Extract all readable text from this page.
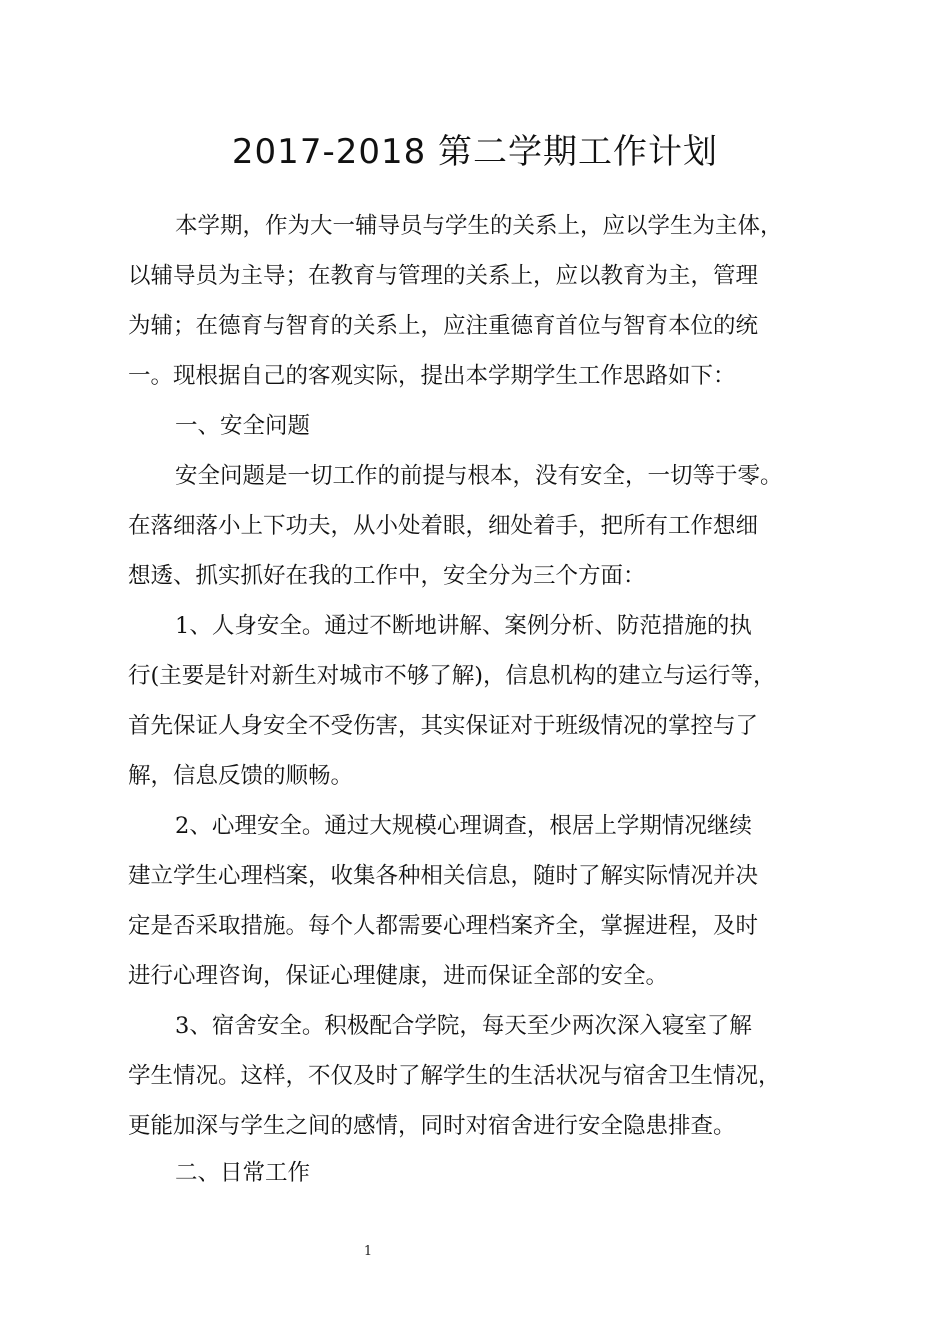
2017-2018 第二学期工作计划
本学期，作为大一辅导员与学生的关系上，应以学生为主体，
以辅导员为主导；在教育与管理的关系上，应以教育为主，管理
为辅；在德育与智育的关系上，应注重德育首位与智育本位的统
一。现根据自己的客观实际，提出本学期学生工作思路如下：
一、安全问题
安全问题是一切工作的前提与根本，没有安全，一切等于零。
在落细落小上下功夫，从小处着眼，细处着手，把所有工作想细
想透、抓实抓好在我的工作中，安全分为三个方面：
1、人身安全。通过不断地讲解、案例分析、防范措施的执
行(主要是针对新生对城市不够了解)，信息机构的建立与运行等，
首先保证人身安全不受伤害，其实保证对于班级情况的掌控与了
解，信息反馈的顺畅。
2、心理安全。通过大规模心理调查，根居上学期情况继续
建立学生心理档案，收集各种相关信息，随时了解实际情况并决
定是否采取措施。每个人都需要心理档案齐全，掌握进程，及时
进行心理咨询，保证心理健康，进而保证全部的安全。
3、宿舍安全。积极配合学院，每天至少两次深入寝室了解
学生情况。这样，不仅及时了解学生的生活状况与宿舍卫生情况，
更能加深与学生之间的感情，同时对宿舍进行安全隐患排查。
二、日常工作
1
